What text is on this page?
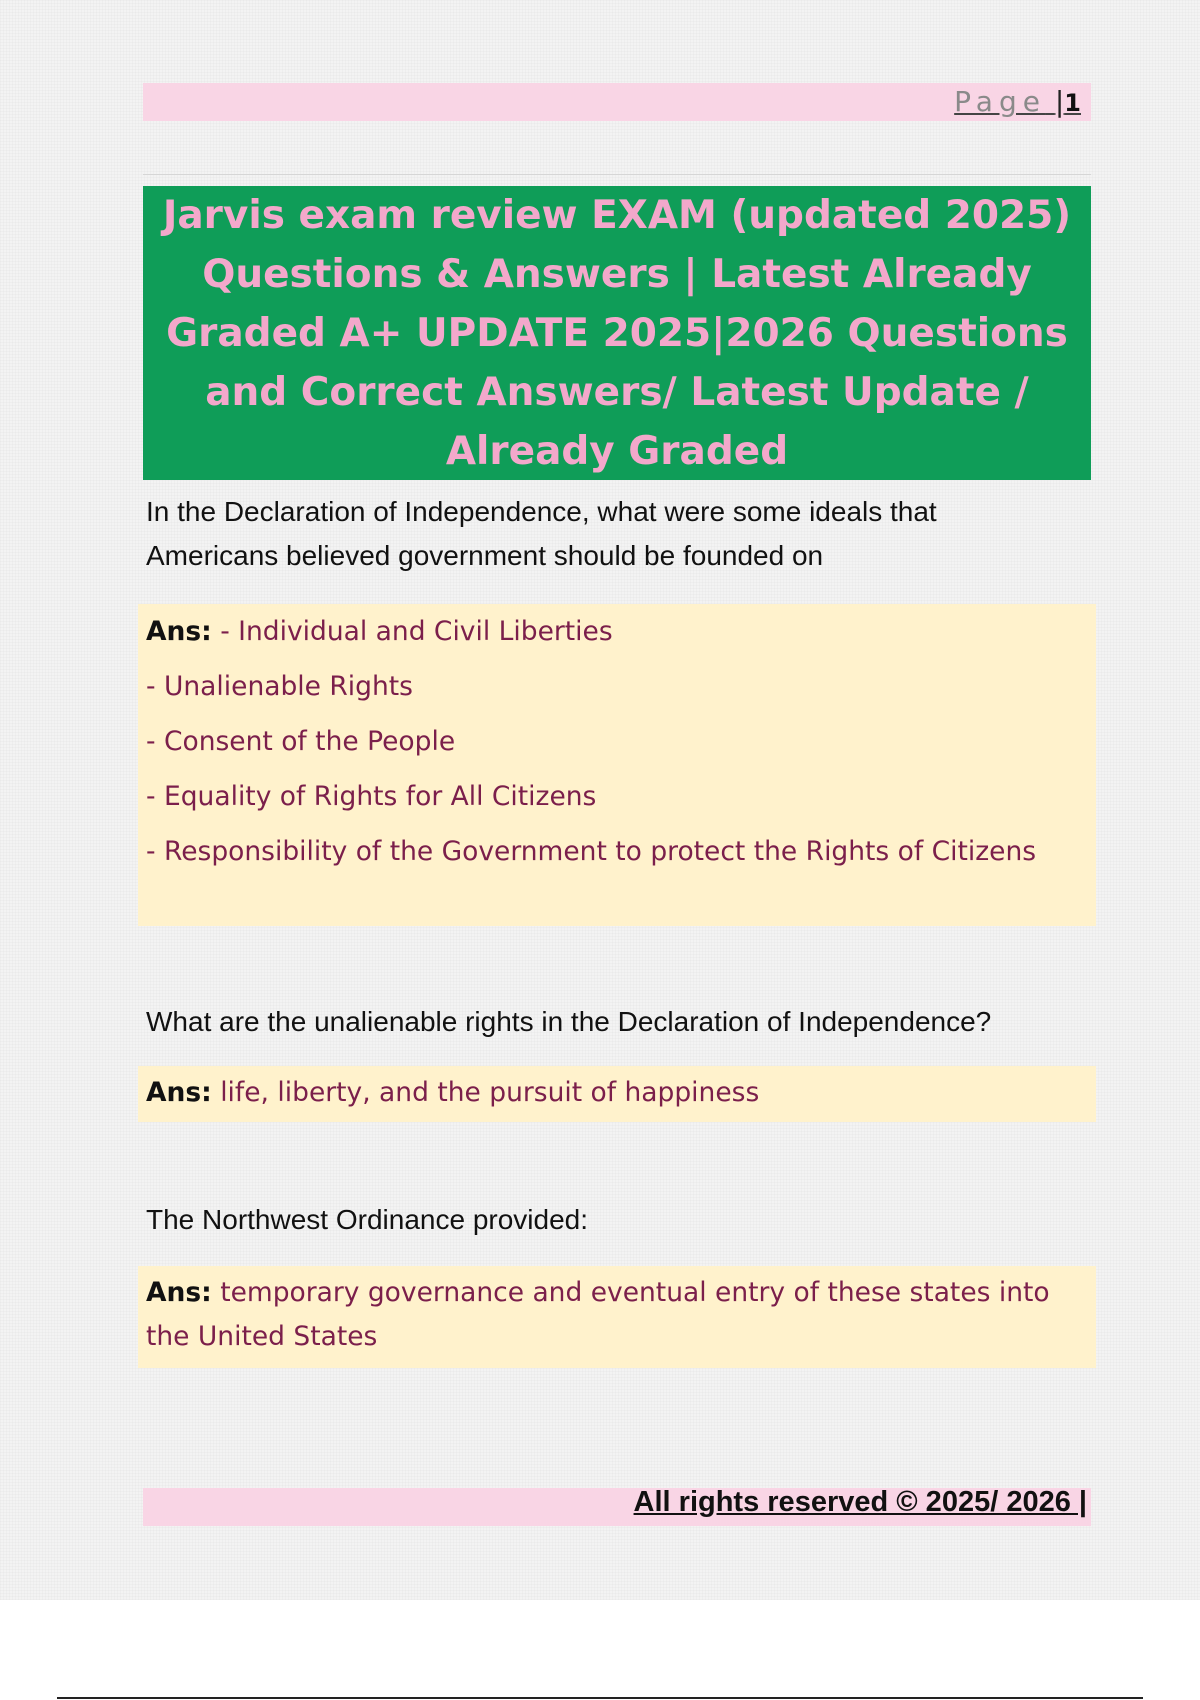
Page |1
Jarvis exam review EXAM (updated 2025) Questions & Answers | Latest Already Graded A+ UPDATE 2025|2026 Questions and Correct Answers/ Latest Update / Already Graded
In the Declaration of Independence, what were some ideals that Americans believed government should be founded on
Ans: - Individual and Civil Liberties
- Unalienable Rights
- Consent of the People
- Equality of Rights for All Citizens
- Responsibility of the Government to protect the Rights of Citizens
What are the unalienable rights in the Declaration of Independence?
Ans: life, liberty, and the pursuit of happiness
The Northwest Ordinance provided:
Ans: temporary governance and eventual entry of these states into the United States
All rights reserved © 2025/ 2026 |
